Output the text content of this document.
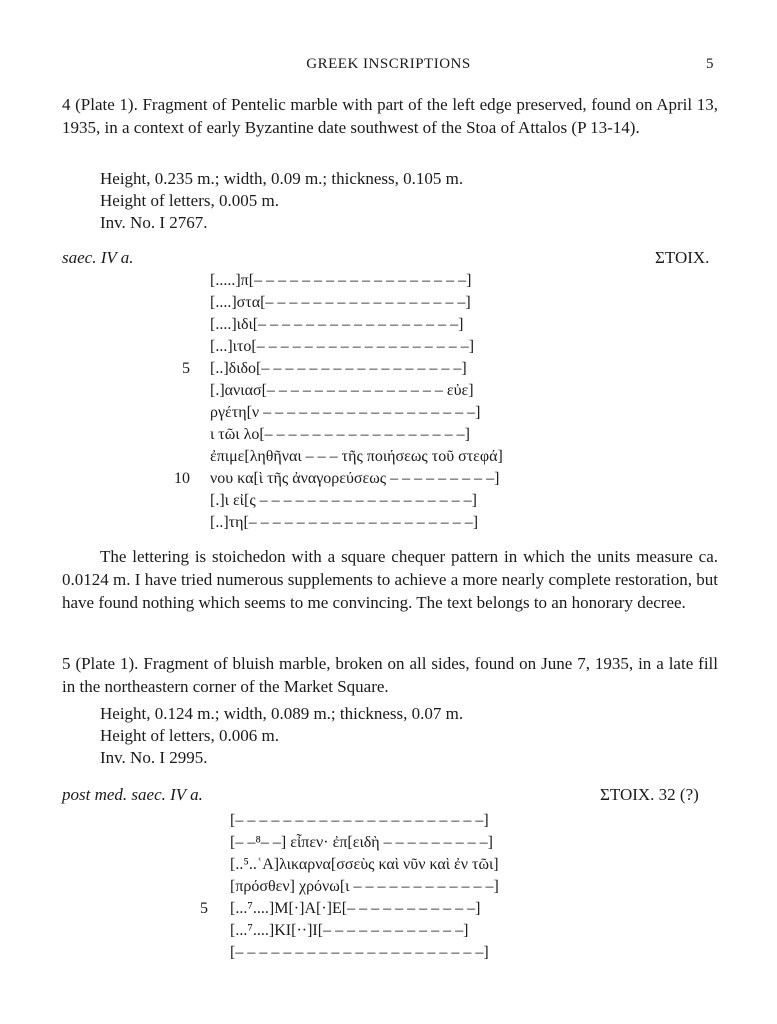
GREEK INSCRIPTIONS	5
4 (Plate 1). Fragment of Pentelic marble with part of the left edge preserved, found on April 13, 1935, in a context of early Byzantine date southwest of the Stoa of Attalos (P 13-14).
Height, 0.235 m.; width, 0.09 m.; thickness, 0.105 m.
Height of letters, 0.005 m.
Inv. No. I 2767.
saec. IV a.	ΣΤΟΙΧ.
[.....]π[– – – – – – – – – – – – – – – – – –]
[....]στα[– – – – – – – – – – – – – – – – –]
[....]ιδι[– – – – – – – – – – – – – – – – –]
[...]ιτο[– – – – – – – – – – – – – – – – – –]
5 [..]διδο[– – – – – – – – – – – – – – – – –]
[.]ανιασ[– – – – – – – – – – – – – – – εὐε]
ργέτη[ν – – – – – – – – – – – – – – – – – –]
ι τῶι λο[– – – – – – – – – – – – – – – – –]
ἐπιμε[ληθῆναι – – – τῆς ποιήσεως τοῦ στεφά]
10 νου κα[ὶ τῆς ἀναγορεύσεως – – – – – – – – –]
[.]ι εἰ[ς – – – – – – – – – – – – – – – – – –]
[..]τη[– – – – – – – – – – – – – – – – – – –]
The lettering is stoichedon with a square chequer pattern in which the units measure ca. 0.0124 m. I have tried numerous supplements to achieve a more nearly complete restoration, but have found nothing which seems to me convincing. The text belongs to an honorary decree.
5 (Plate 1). Fragment of bluish marble, broken on all sides, found on June 7, 1935, in a late fill in the northeastern corner of the Market Square.
Height, 0.124 m.; width, 0.089 m.; thickness, 0.07 m.
Height of letters, 0.006 m.
Inv. No. I 2995.
post med. saec. IV a.	ΣΤΟΙΧ. 32 (?)
[– – – – – – – – – – – – – – – – – – – – –]
[– –⁸– –] εἶπεν· ἐπ[ειδὴ – – – – – – – – –]
[..⁵..ʿΑ]λικαρνα[σσεὺς καὶ νῦν καὶ ἐν τῶι]
[πρόσθεν] χρόνω[ι – – – – – – – – – – – –]
5 [...⁷....]Μ[·]Α[·]Ε[– – – – – – – – – – –]
[...⁷....]ΚΙ[··]Ι[– – – – – – – – – – – –]
[– – – – – – – – – – – – – – – – – – – – –]
